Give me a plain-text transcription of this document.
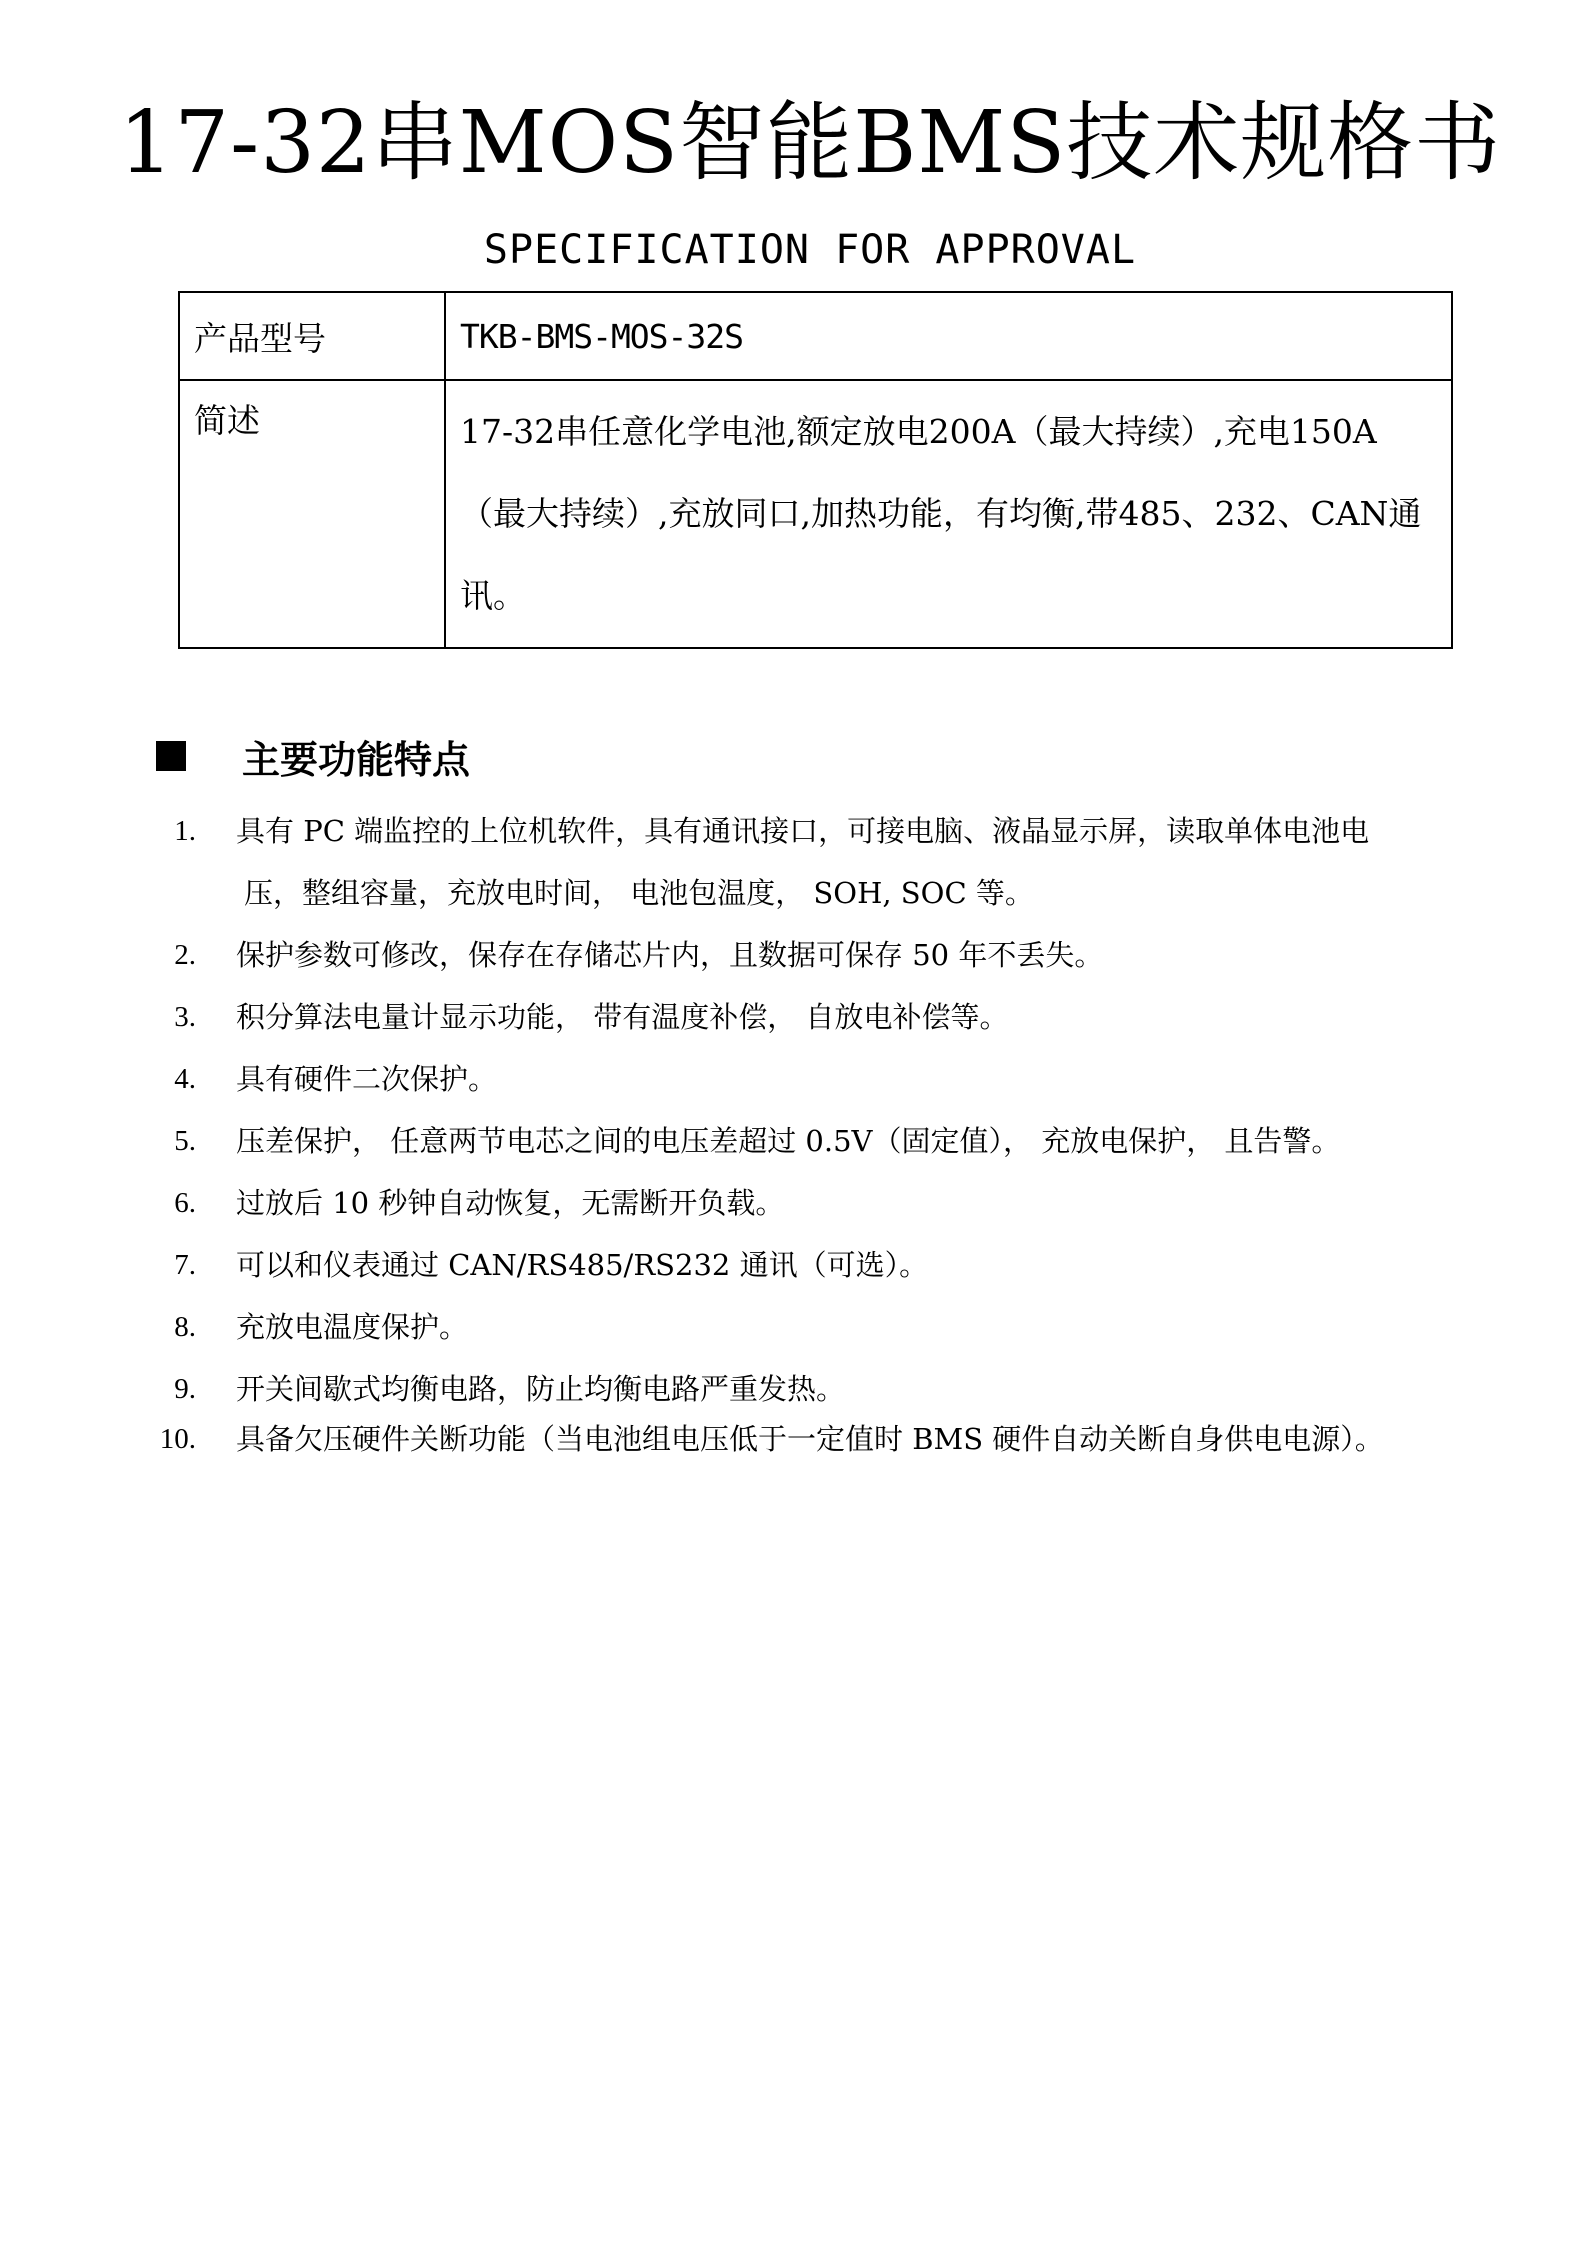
17-32串MOS智能BMS技术规格书
SPECIFICATION FOR APPROVAL
产品型号	TKB-BMS-MOS-32S
简述	17-32串任意化学电池,额定放电200A（最大持续）,充电150A（最大持续）,充放同口,加热功能，有均衡,带485、232、CAN通讯。
主要功能特点
1. 具有 PC 端监控的上位机软件，具有通讯接口，可接电脑、液晶显示屏，读取单体电池电
压，整组容量，充放电时间， 电池包温度， SOH, SOC 等。
2. 保护参数可修改，保存在存储芯片内，且数据可保存 50 年不丢失。
3. 积分算法电量计显示功能， 带有温度补偿， 自放电补偿等。
4. 具有硬件二次保护。
5. 压差保护， 任意两节电芯之间的电压差超过 0.5V（固定值）， 充放电保护， 且告警。
6. 过放后 10 秒钟自动恢复，无需断开负载。
7. 可以和仪表通过 CAN/RS485/RS232 通讯（可选）。
8. 充放电温度保护。
9. 开关间歇式均衡电路，防止均衡电路严重发热。
10. 具备欠压硬件关断功能（当电池组电压低于一定值时 BMS 硬件自动关断自身供电电源）。
